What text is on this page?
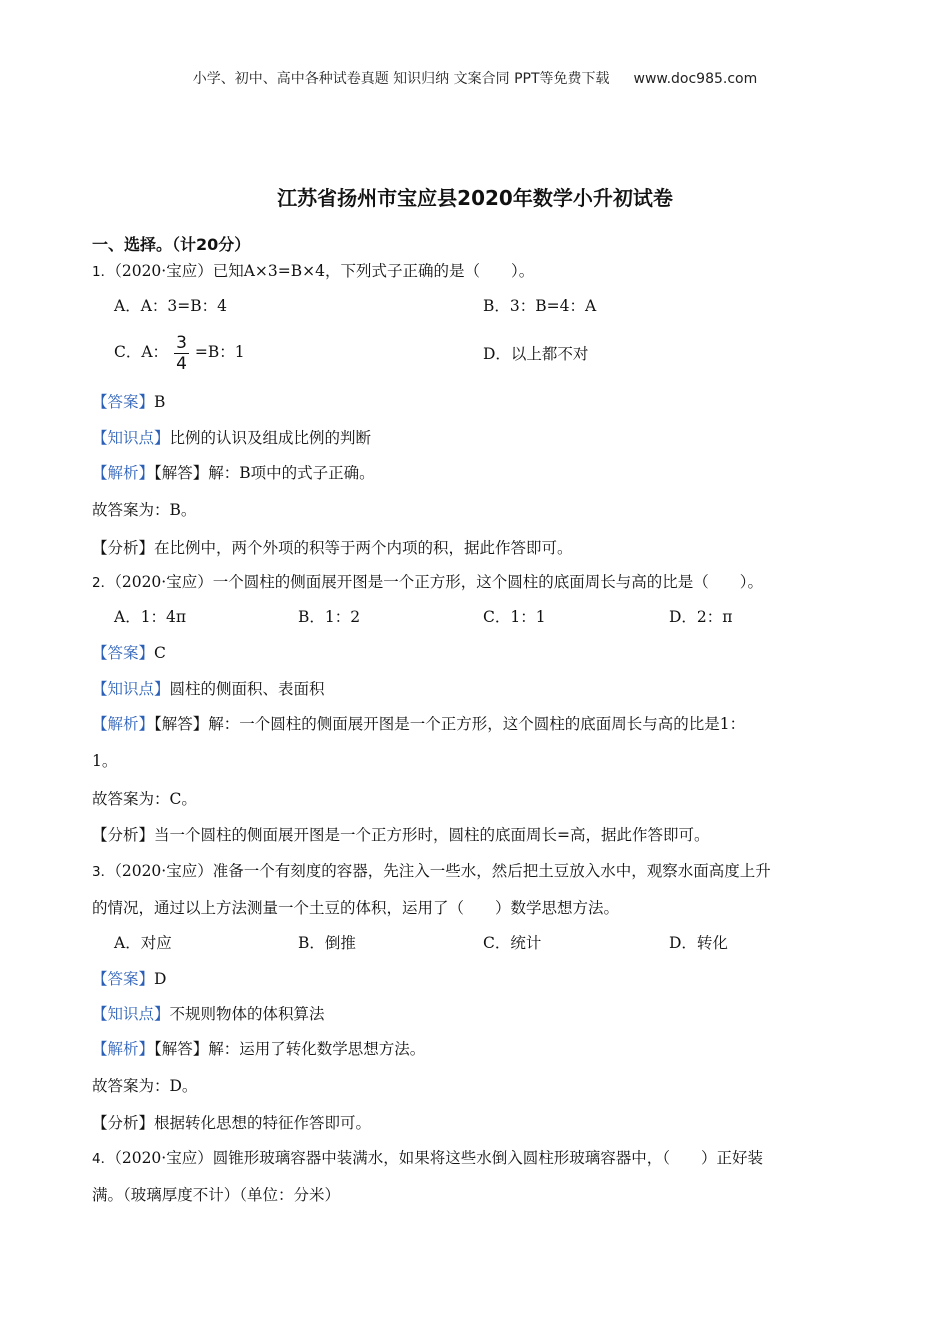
小学、初中、高中各种试卷真题 知识归纳 文案合同 PPT等免费下载 www.doc985.com
江苏省扬州市宝应县2020年数学小升初试卷
一、选择。（计20分）
1．（2020·宝应）已知A×3=B×4，下列式子正确的是（　　）。
A．A：3=B：4	B．3：B=4：A
C．A： $\frac{3}{4} =B$：1	D．以上都不对
【答案】B
【知识点】比例的认识及组成比例的判断
【解析】【解答】解：B项中的式子正确。
故答案为：B。
【分析】在比例中，两个外项的积等于两个内项的积，据此作答即可。
2．（2020·宝应）一个圆柱的侧面展开图是一个正方形，这个圆柱的底面周长与高的比是（　　）。
A．1：4π	B．1：2	C．1：1	D．2：π
【答案】C
【知识点】圆柱的侧面积、表面积
【解析】【解答】解：一个圆柱的侧面展开图是一个正方形，这个圆柱的底面周长与高的比是1：
1。
故答案为：C。
【分析】当一个圆柱的侧面展开图是一个正方形时，圆柱的底面周长=高，据此作答即可。
3．（2020·宝应）准备一个有刻度的容器，先注入一些水，然后把土豆放入水中，观察水面高度上升
的情况，通过以上方法测量一个土豆的体积，运用了（　　）数学思想方法。
A．对应	B．倒推	C．统计	D．转化
【答案】D
【知识点】不规则物体的体积算法
【解析】【解答】解：运用了转化数学思想方法。
故答案为：D。
【分析】根据转化思想的特征作答即可。
4．（2020·宝应）圆锥形玻璃容器中装满水，如果将这些水倒入圆柱形玻璃容器中，（　　）正好装
满。（玻璃厚度不计）（单位：分米）
